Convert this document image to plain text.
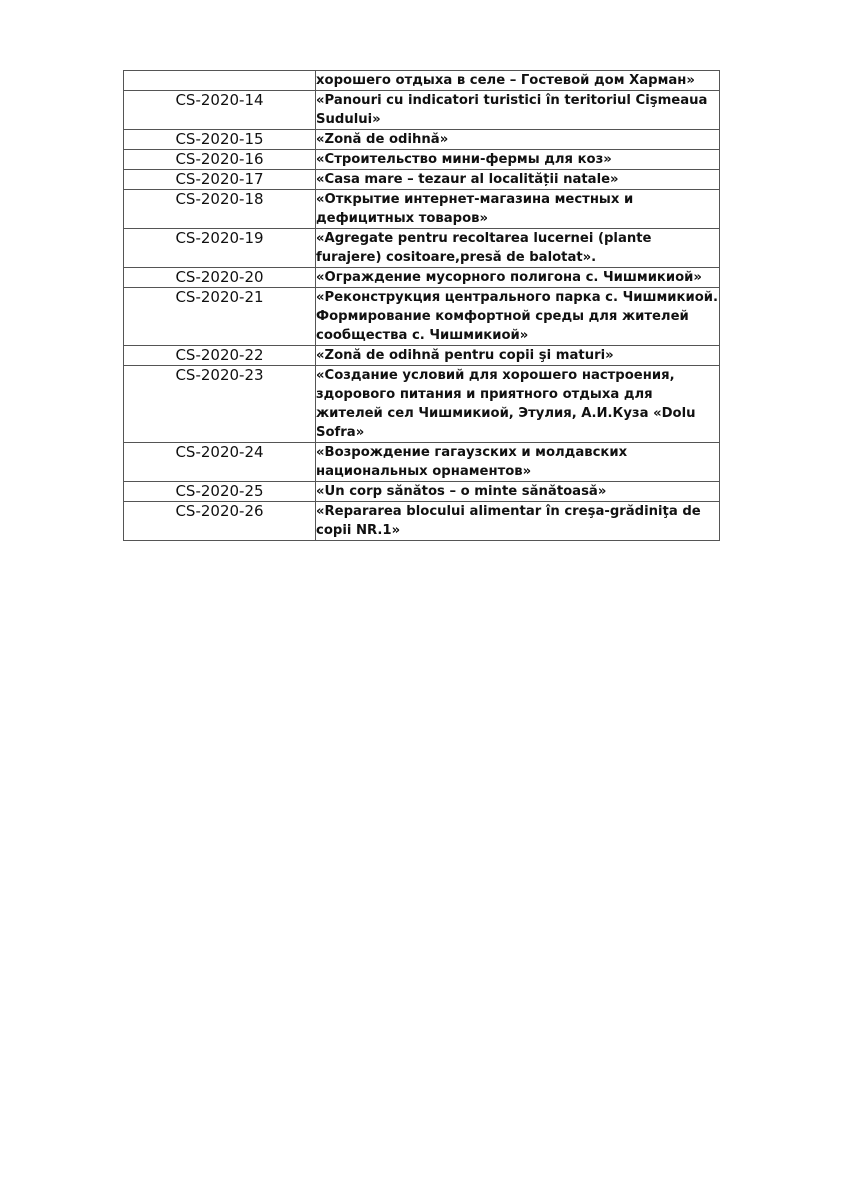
	хорошего отдыха в селе – Гостевой дом Харман»
CS-2020-14	«Panouri cu indicatori turistici în teritoriul Cişmeaua Sudului»
CS-2020-15	«Zonă de odihnă»
CS-2020-16	«Строительство мини-фермы для коз»
CS-2020-17	«Casa mare – tezaur al localității natale»
CS-2020-18	«Открытие интернет-магазина местных и дефицитных товаров»
CS-2020-19	«Agregate pentru recoltarea lucernei (plante furajere) cositoare,presă de balotat».
CS-2020-20	«Ограждение мусорного полигона с. Чишмикиой»
CS-2020-21	«Реконструкция центрального парка с. Чишмикиой. Формирование комфортной среды для жителей сообщества с. Чишмикиой»
CS-2020-22	«Zonă de odihnă pentru copii şi maturi»
CS-2020-23	«Создание условий для хорошего настроения, здорового питания и приятного отдыха для жителей сел Чишмикиой, Этулия, А.И.Куза «Dolu Sofra»
CS-2020-24	«Возрождение гагаузских и молдавских национальных орнаментов»
CS-2020-25	«Un corp sănătos – o minte sănătoasă»
CS-2020-26	«Repararea blocului alimentar în creşa-grădiniţa de copii NR.1»
